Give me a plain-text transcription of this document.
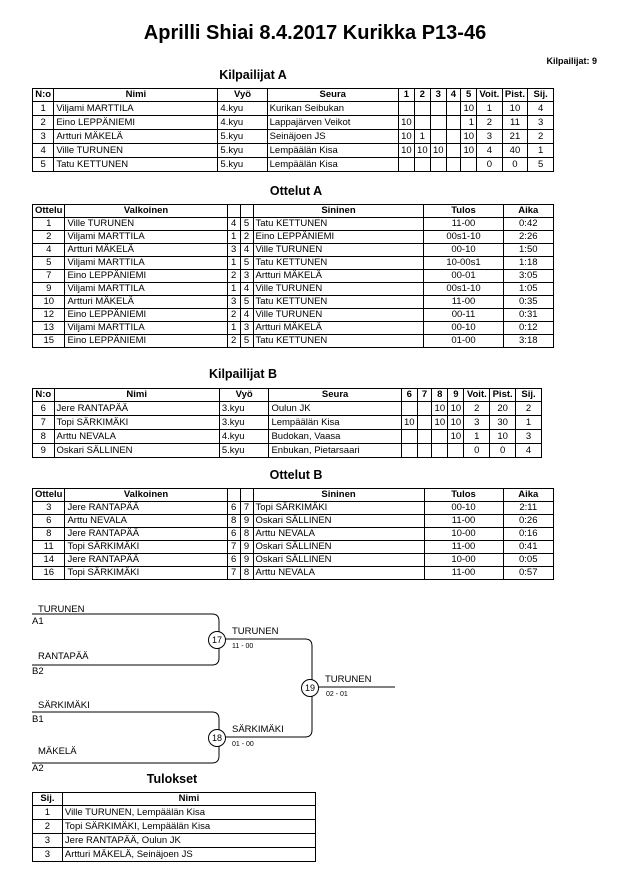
Aprilli Shiai 8.4.2017 Kurikka P13-46
Kilpailijat: 9
Kilpailijat A
N:o	Nimi	Vyö	Seura	1	2	3	4	5	Voit.	Pist.	Sij.
1	Viljami MARTTILA	4.kyu	Kurikan Seibukan					10	1	10	4
2	Eino LEPPÄNIEMI	4.kyu	Lappajärven Veikot	10				1	2	11	3
3	Artturi MÄKELÄ	5.kyu	Seinäjoen JS	10	1			10	3	21	2
4	Ville TURUNEN	5.kyu	Lempäälän Kisa	10	10	10		10	4	40	1
5	Tatu KETTUNEN	5.kyu	Lempäälän Kisa						0	0	5
Ottelut A
Ottelu	Valkoinen			Sininen	Tulos	Aika
1	Ville TURUNEN	4	5	Tatu KETTUNEN	11-00	0:42
2	Viljami MARTTILA	1	2	Eino LEPPÄNIEMI	00s1-10	2:26
4	Artturi MÄKELÄ	3	4	Ville TURUNEN	00-10	1:50
5	Viljami MARTTILA	1	5	Tatu KETTUNEN	10-00s1	1:18
7	Eino LEPPÄNIEMI	2	3	Artturi MÄKELÄ	00-01	3:05
9	Viljami MARTTILA	1	4	Ville TURUNEN	00s1-10	1:05
10	Artturi MÄKELÄ	3	5	Tatu KETTUNEN	11-00	0:35
12	Eino LEPPÄNIEMI	2	4	Ville TURUNEN	00-11	0:31
13	Viljami MARTTILA	1	3	Artturi MÄKELÄ	00-10	0:12
15	Eino LEPPÄNIEMI	2	5	Tatu KETTUNEN	01-00	3:18
Kilpailijat B
N:o	Nimi	Vyö	Seura	6	7	8	9	Voit.	Pist.	Sij.
6	Jere RANTAPÄÄ	3.kyu	Oulun JK			10	10	2	20	2
7	Topi SÄRKIMÄKI	3.kyu	Lempäälän Kisa	10		10	10	3	30	1
8	Arttu NEVALA	4.kyu	Budokan, Vaasa				10	1	10	3
9	Oskari SÄLLINEN	5.kyu	Enbukan, Pietarsaari					0	0	4
Ottelut B
Ottelu	Valkoinen			Sininen	Tulos	Aika
3	Jere RANTAPÄÄ	6	7	Topi SÄRKIMÄKI	00-10	2:11
6	Arttu NEVALA	8	9	Oskari SÄLLINEN	11-00	0:26
8	Jere RANTAPÄÄ	6	8	Arttu NEVALA	10-00	0:16
11	Topi SÄRKIMÄKI	7	9	Oskari SÄLLINEN	11-00	0:41
14	Jere RANTAPÄÄ	6	9	Oskari SÄLLINEN	10-00	0:05
16	Topi SÄRKIMÄKI	7	8	Arttu NEVALA	11-00	0:57
TURUNEN
A1
RANTAPÄÄ
B2
17
TURUNEN
11 - 00
SÄRKIMÄKI
B1
MÄKELÄ
A2
18
SÄRKIMÄKI
01 - 00
19
TURUNEN
02 - 01
Tulokset
Sij.	Nimi
1	Ville TURUNEN, Lempäälän Kisa
2	Topi SÄRKIMÄKI, Lempäälän Kisa
3	Jere RANTAPÄÄ, Oulun JK
3	Artturi MÄKELÄ, Seinäjoen JS
